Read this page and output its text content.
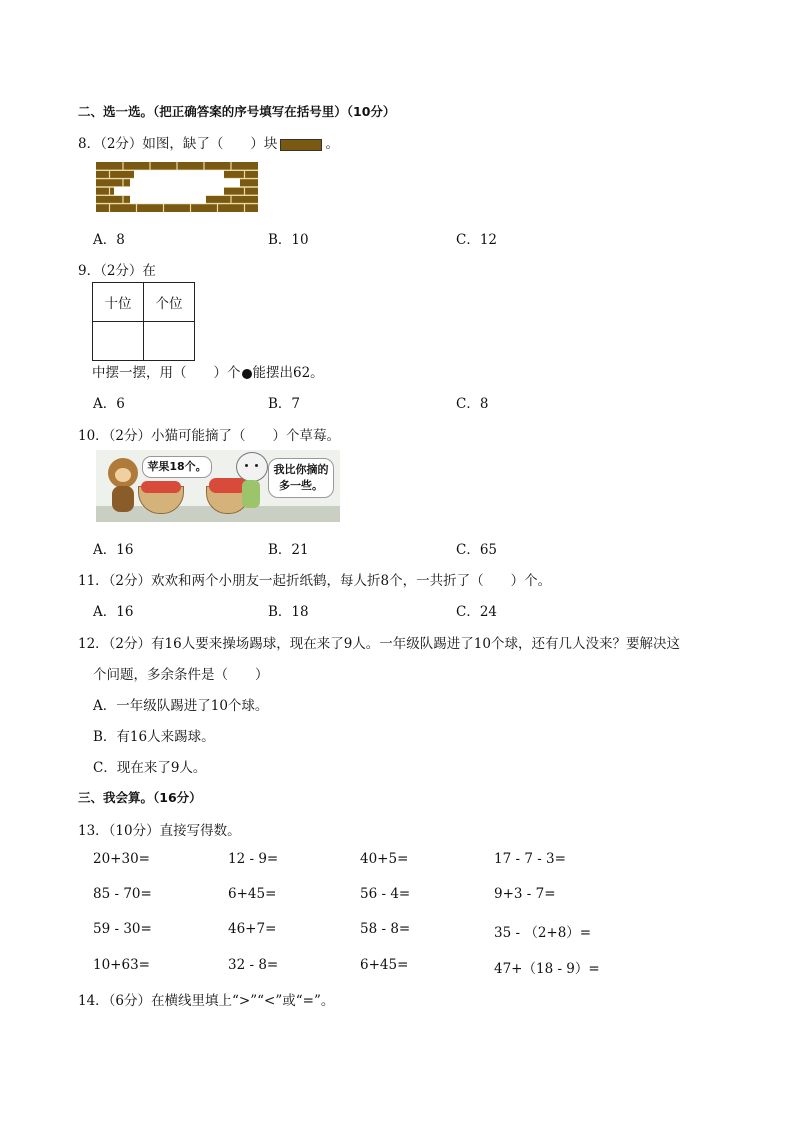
二、选一选。（把正确答案的序号填写在括号里）（10分）
8．（2分）如图，缺了（　　）块	。
A．8	B．10	C．12
9．（2分）在
十位	个位

中摆一摆，用（　　）个 能摆出62。
A．6	B．7	C．8
10．（2分）小猫可能摘了（　　）个草莓。
苹果18个。	我比你摘的多一些。
A．16	B．21	C．65
11．（2分）欢欢和两个小朋友一起折纸鹤，每人折8个，一共折了（　　）个。
A．16	B．18	C．24
12．（2分）有16人要来操场踢球，现在来了9人。一年级队踢进了10个球，还有几人没来？要解决这
个问题，多余条件是（　　）
A．一年级队踢进了10个球。
B．有16人来踢球。
C．现在来了9人。
三、我会算。（16分）
13．（10分）直接写得数。
20+30=	12 - 9=	40+5=	17 - 7 - 3=
85 - 70=	6+45=	56 - 4=	9+3 - 7=
59 - 30=	46+7=	58 - 8=	35 - （2+8）=
10+63=	32 - 8=	6+45=	47+（18 - 9）=
14．（6分）在横线里填上“>”“<”或“=”。
